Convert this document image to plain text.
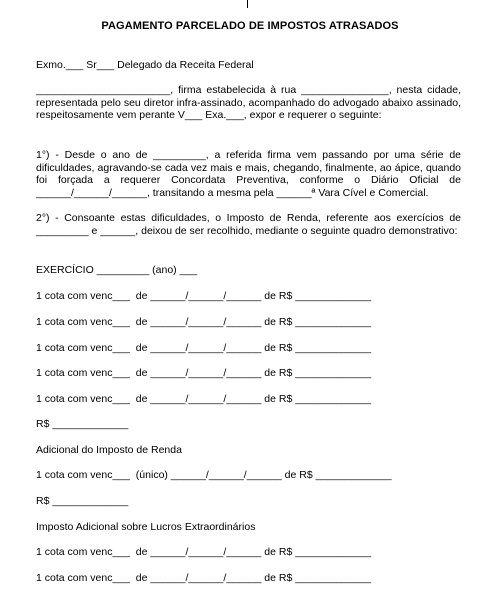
PAGAMENTO PARCELADO DE IMPOSTOS ATRASADOS
Exmo.___ Sr___ Delegado da Receita Federal
_______________________, firma estabelecida à rua _______________, nesta cidade, representada pelo seu diretor infra-assinado, acompanhado do advogado abaixo assinado, respeitosamente vem perante V___ Exa.___, expor e requerer o seguinte:
1°) - Desde o ano de _________, a referida firma vem passando por uma série de dificuldades, agravando-se cada vez mais e mais, chegando, finalmente, ao ápice, quando foi forçada a requerer Concordata Preventiva, conforme o Diário Oficial de ______/______/______, transitando a mesma pela ______ª Vara Cível e Comercial.
2°) - Consoante estas dificuldades, o Imposto de Renda, referente aos exercícios de _________ e ______, deixou de ser recolhido, mediante o seguinte quadro demonstrativo:
EXERCÍCIO _________ (ano) ___
1 cota com venc___  de ______/______/______ de R$ _____________
1 cota com venc___  de ______/______/______ de R$ _____________
1 cota com venc___  de ______/______/______ de R$ _____________
1 cota com venc___  de ______/______/______ de R$ _____________
1 cota com venc___  de ______/______/______ de R$ _____________
R$ _____________
Adicional do Imposto de Renda
1 cota com venc___  (único) ______/______/______ de R$ _____________
R$ _____________
Imposto Adicional sobre Lucros Extraordinários
1 cota com venc___  de ______/______/______ de R$ _____________
1 cota com venc___  de ______/______/______ de R$ _____________
